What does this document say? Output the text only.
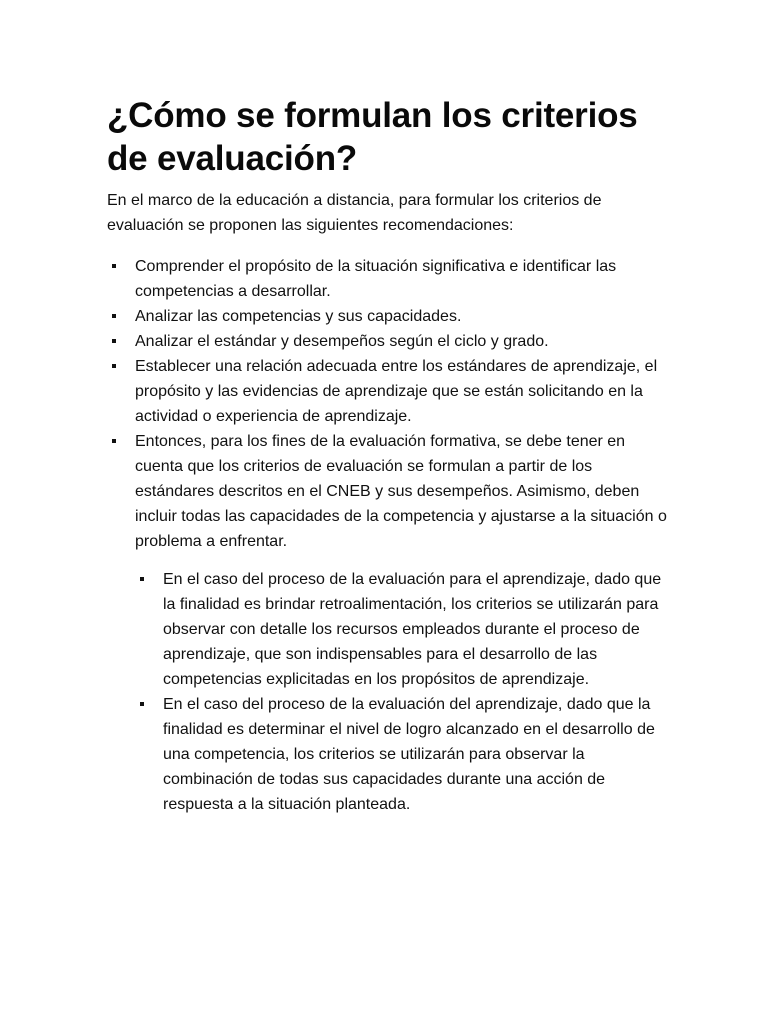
¿Cómo se formulan los criterios de evaluación?

En el marco de la educación a distancia, para formular los criterios de evaluación se proponen las siguientes recomendaciones:

Comprender el propósito de la situación significativa e identificar las competencias a desarrollar.
Analizar las competencias y sus capacidades.
Analizar el estándar y desempeños según el ciclo y grado.
Establecer una relación adecuada entre los estándares de aprendizaje, el propósito y las evidencias de aprendizaje que se están solicitando en la actividad o experiencia de aprendizaje.
Entonces, para los fines de la evaluación formativa, se debe tener en cuenta que los criterios de evaluación se formulan a partir de los estándares descritos en el CNEB y sus desempeños. Asimismo, deben incluir todas las capacidades de la competencia y ajustarse a la situación o problema a enfrentar.
En el caso del proceso de la evaluación para el aprendizaje, dado que la finalidad es brindar retroalimentación, los criterios se utilizarán para observar con detalle los recursos empleados durante el proceso de aprendizaje, que son indispensables para el desarrollo de las competencias explicitadas en los propósitos de aprendizaje.
En el caso del proceso de la evaluación del aprendizaje, dado que la finalidad es determinar el nivel de logro alcanzado en el desarrollo de una competencia, los criterios se utilizarán para observar la combinación de todas sus capacidades durante una acción de respuesta a la situación planteada.
